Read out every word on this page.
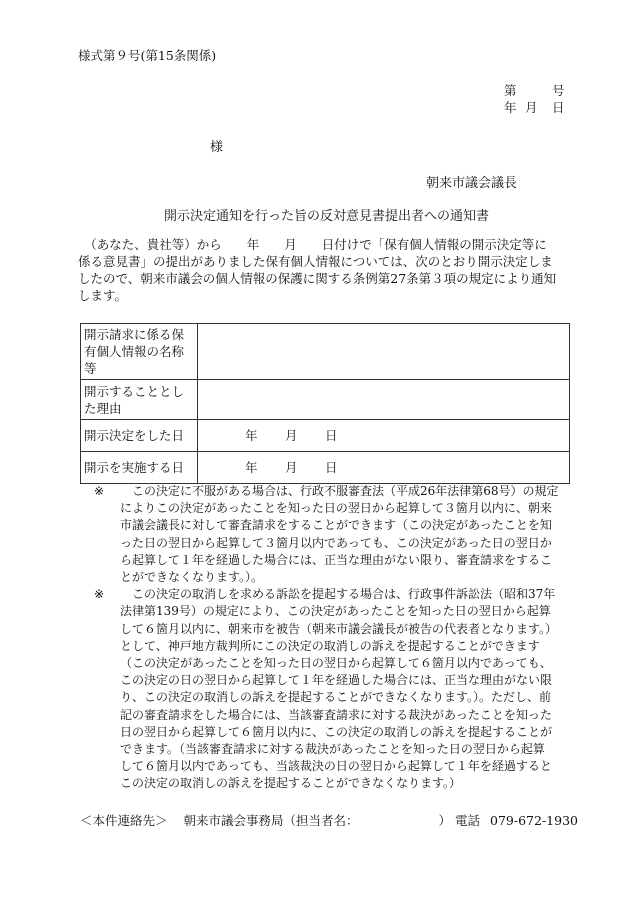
様式第９号(第15条関係)
第	号
年 月	日
様
朝来市議会議長
開示決定通知を行った旨の反対意見書提出者への通知書
　（あなた、貴社等）から　　年　　月　　日付けで「保有個人情報の開示決定等に
係る意見書」の提出がありました保有個人情報については、次のとおり開示決定しま
したので、朝来市議会の個人情報の保護に関する条例第27条第３項の規定により通知
します。
開示請求に係る保
有個人情報の名称
等	

開示することとし
た理由	

開示決定をした日	年 月 日
開示を実施する日	年 月 日
※ 　この決定に不服がある場合は、行政不服審査法（平成26年法律第68号）の規定
によりこの決定があったことを知った日の翌日から起算して３箇月以内に、朝来
市議会議長に対して審査請求をすることができます（この決定があったことを知
った日の翌日から起算して３箇月以内であっても、この決定があった日の翌日か
ら起算して１年を経過した場合には、正当な理由がない限り、審査請求をするこ
とができなくなります。）。
※ 　この決定の取消しを求める訴訟を提起する場合は、行政事件訴訟法（昭和37年
法律第139号）の規定により、この決定があったことを知った日の翌日から起算
して６箇月以内に、朝来市を被告（朝来市議会議長が被告の代表者となります。）
として、神戸地方裁判所にこの決定の取消しの訴えを提起することができます
（この決定があったことを知った日の翌日から起算して６箇月以内であっても、
この決定の日の翌日から起算して１年を経過した場合には、正当な理由がない限
り、この決定の取消しの訴えを提起することができなくなります。）。ただし、前
記の審査請求をした場合には、当該審査請求に対する裁決があったことを知った
日の翌日から起算して６箇月以内に、この決定の取消しの訴えを提起することが
できます。（当該審査請求に対する裁決があったことを知った日の翌日から起算
して６箇月以内であっても、当該裁決の日の翌日から起算して１年を経過すると
この決定の取消しの訴えを提起することができなくなります。）
＜本件連絡先＞ 朝来市議会事務局（担当者名：	） 電話 079-672-1930
